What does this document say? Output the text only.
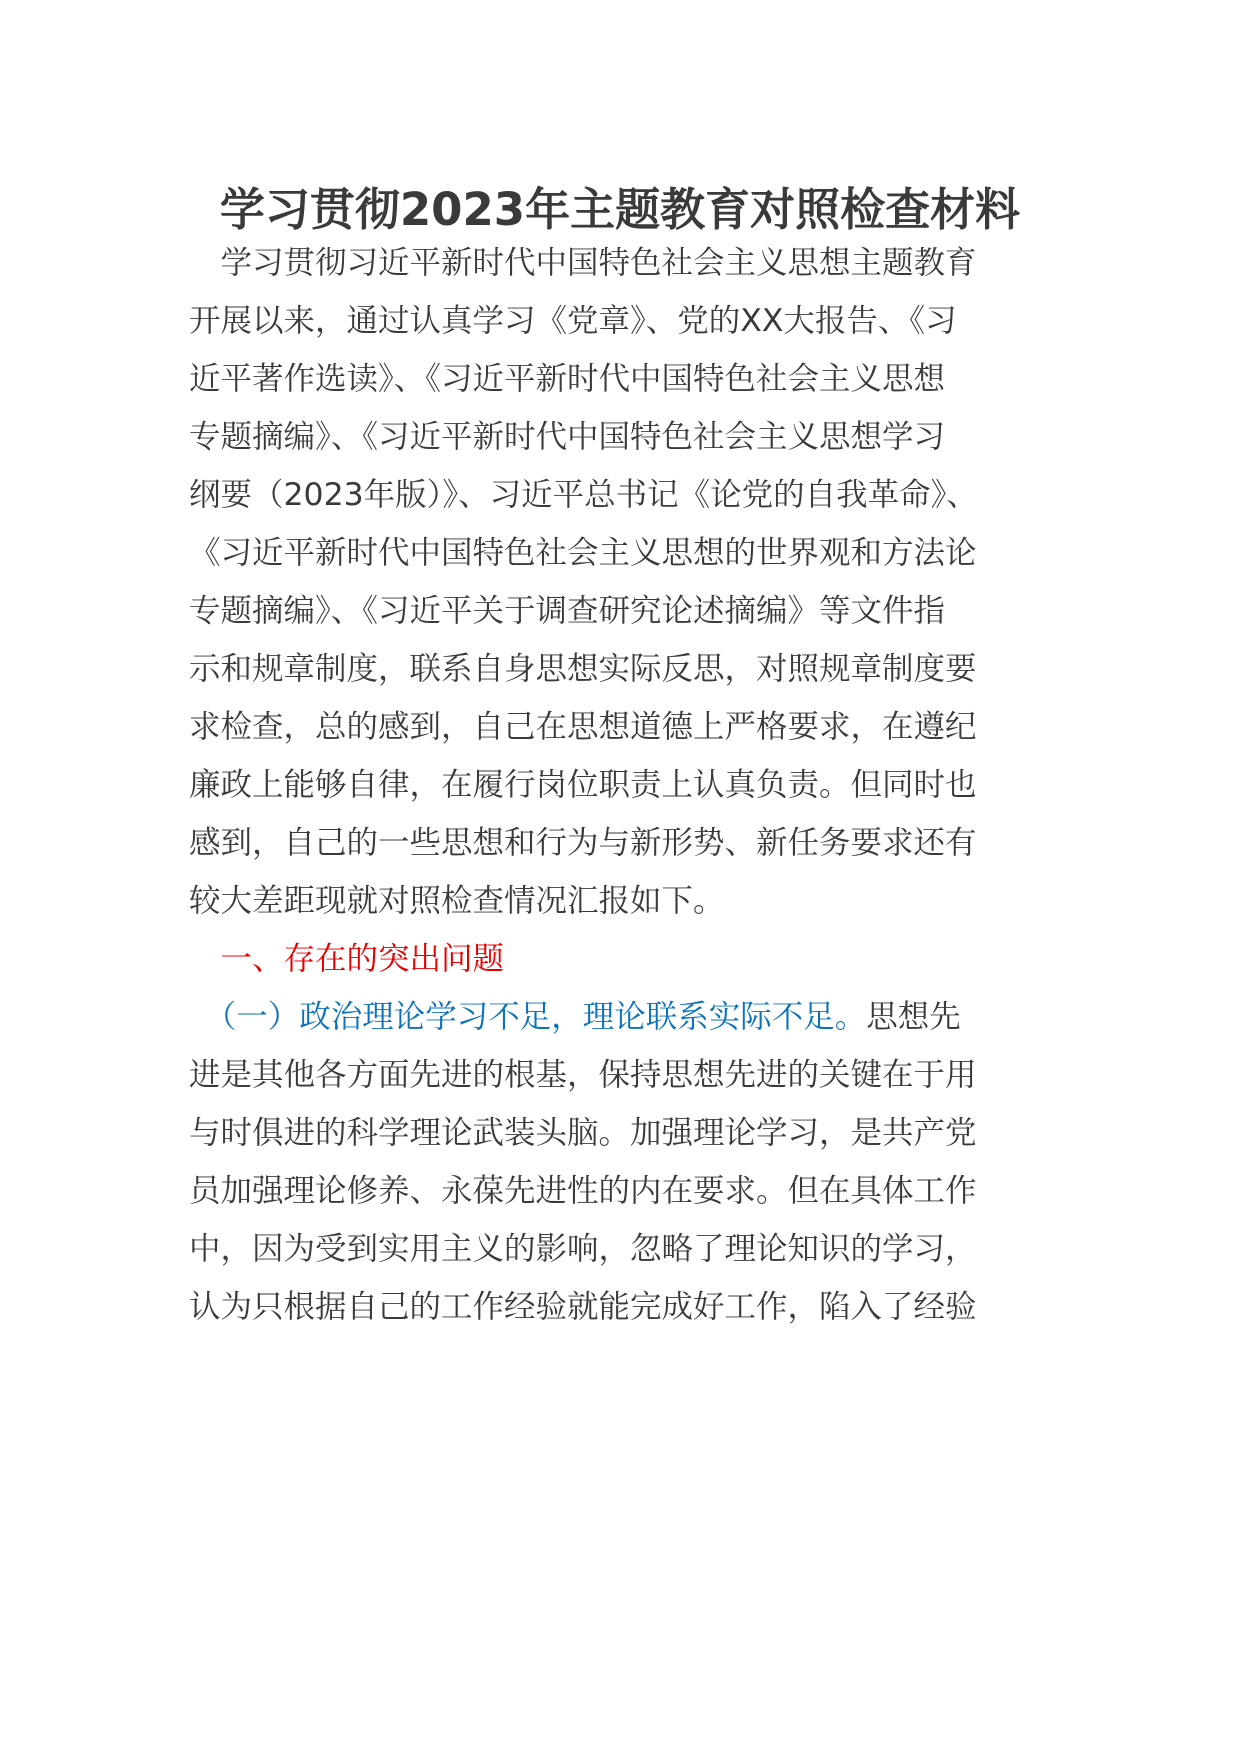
学习贯彻2023年主题教育对照检查材料
　学习贯彻习近平新时代中国特色社会主义思想主题教育
开展以来，通过认真学习《党章》、党的XX大报告、《习
近平著作选读》、《习近平新时代中国特色社会主义思想
专题摘编》、《习近平新时代中国特色社会主义思想学习
纲要（2023年版）》、习近平总书记《论党的自我革命》、
《习近平新时代中国特色社会主义思想的世界观和方法论
专题摘编》、《习近平关于调查研究论述摘编》等文件指
示和规章制度，联系自身思想实际反思，对照规章制度要
求检查，总的感到，自己在思想道德上严格要求，在遵纪
廉政上能够自律，在履行岗位职责上认真负责。但同时也
感到，自己的一些思想和行为与新形势、新任务要求还有
较大差距现就对照检查情况汇报如下。
　一、存在的突出问题
　（一）政治理论学习不足，理论联系实际不足。思想先
进是其他各方面先进的根基，保持思想先进的关键在于用
与时俱进的科学理论武装头脑。加强理论学习，是共产党
员加强理论修养、永葆先进性的内在要求。但在具体工作
中，因为受到实用主义的影响，忽略了理论知识的学习，
认为只根据自己的工作经验就能完成好工作，陷入了经验
